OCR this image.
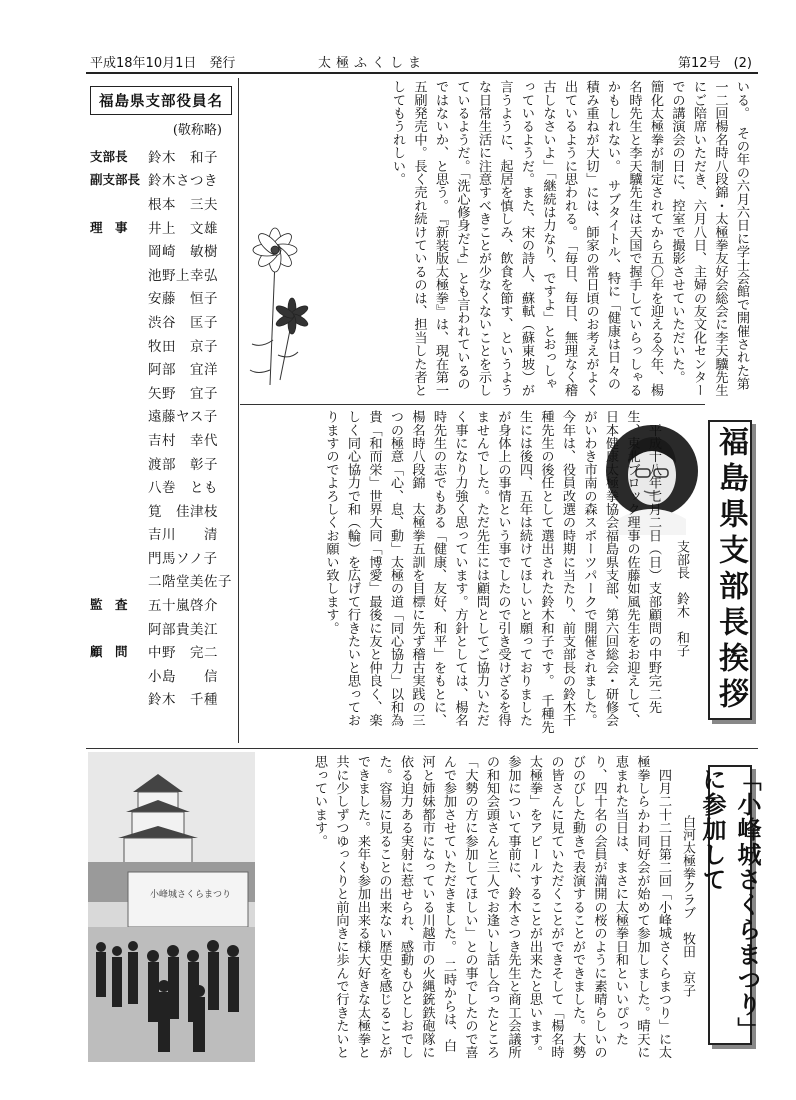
平成18年10月1日　発行	太極ふくしま	第12号　(2)
福島県支部役員名
(敬称略)
支部長	鈴木　和子
副支部長 鈴木さつき
根本　三夫
理　事	井上　文雄
岡崎　敏樹
池野上幸弘
安藤　恒子
渋谷　匡子
牧田　京子
阿部　宜洋
矢野　宜子
遠藤ヤス子
吉村　幸代
渡部　彰子
八巻　とも
筧　佳津枝
吉川　　清
門馬ソノ子
二階堂美佐子
監　査	五十嵐啓介
阿部貴美江
顧　問	中野　完二
小島　　信
鈴木　千種
いる。　その年の六月六日に学士会館で開催された第一二回楊名時八段錦・太極拳友好会総会に李天驥先生にご陪席いただき、六月八日、主婦の友文化センターでの講演会の日に、控室で撮影させていただいた。　簡化太極拳が制定されてから五〇年を迎える今年、楊名時先生と李天驥先生は天国で握手していらっしゃるかもしれない。　サブタイトル、特に「健康は日々の積み重ねが大切」には、師家の常日頃のお考えがよく出ているように思われる。　「毎日、毎日、無理なく稽古しなさいよ」「継続は力なり、ですよ」とおっしゃっているようだ。また、宋の詩人、蘇軾（蘇東坡）が言うように、起居を慎しみ、飲食を節す、というような日常生活に注意すべきことが少なくないことを示しているようだ。「洗心修身だよ」とも言われているのではないか、と思う。　『新装版太極拳』は、現在第一五刷発売中。長く売れ続けているのは、担当した者としてもうれしい。
福島県支部長挨拶
支部長　鈴木　和子
　平成十八年七月二日（日）支部顧問の中野完二先生、東北ブロック理事の佐藤如風先生をお迎えして、日本健康太極拳協会福島県支部、第六回総会・研修会がいわき市南の森スポーツパークで開催されました。今年は、役員改選の時期に当たり、前支部長の鈴木千種先生の後任として選出された鈴木和子です。　千種先生には後四、五年は続けてほしいと願っておりましたが身体上の事情という事でしたので引き受けざるを得ませんでした。ただ先生には顧問としてご協力いただく事になり力強く思っています。方針としては、楊名時先生の志でもある「健康、友好、和平」をもとに、楊名時八段錦　太極拳五訓を目標に先ず稽古実践の三つの極意「心、息、動」太極の道「同心協力」以和為貴「和而栄」世界大同「博愛」最後に友と仲良く、楽しく同心協力で和（輪）を広げて行きたいと思っておりますのでよろしくお願い致します。
「小峰城さくらまつり」に参加して
白河太極拳クラブ　牧田　京子
　四月二十二日第二回「小峰城さくらまつり」に太極拳しらかわ同好会が始めて参加しました。晴天に恵まれた当日は、まさに太極拳日和といいぴったり、四十名の会員が満開の桜のように素晴らしいのびのびした動きで表演することができました。大勢の皆さんに見ていただくことができそして「楊名時太極拳」をアピールすることが出来たと思います。参加について事前に、鈴木さつき先生と商工会議所の和知会頭さんと三人でお逢いし話し合ったところ「大勢の方に参加してほしい」との事でしたので喜んで参加させていただきました。　二時からは、白河と姉妹都市になっている川越市の火縄銃鉄砲隊に依る迫力ある実射に惹せられ、感動もひとしおでした。容易に見ることの出来ない歴史を感じることができました。来年も参加出来る様大好きな太極拳と共に少しずつゆっくりと前向きに歩んで行きたいと思っています。
小峰城さくらまつり
